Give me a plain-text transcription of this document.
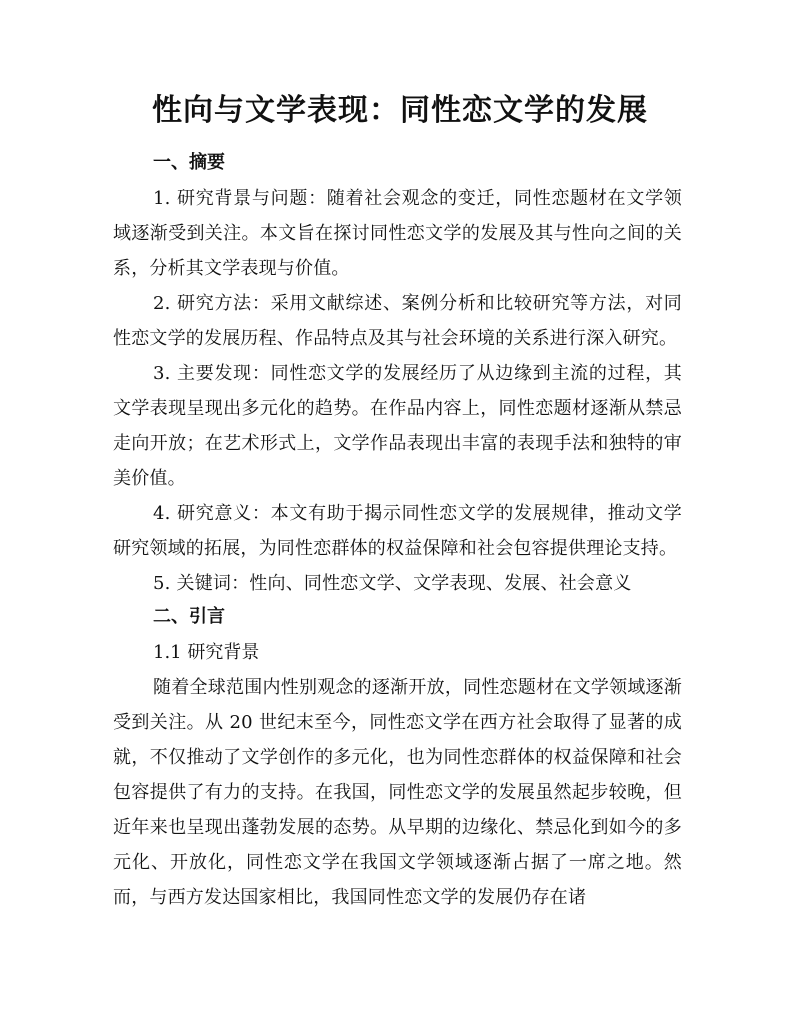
性向与文学表现：同性恋文学的发展
一、摘要

1. 研究背景与问题：随着社会观念的变迁，同性恋题材在文学领域逐渐受到关注。本文旨在探讨同性恋文学的发展及其与性向之间的关系，分析其文学表现与价值。

2. 研究方法：采用文献综述、案例分析和比较研究等方法，对同性恋文学的发展历程、作品特点及其与社会环境的关系进行深入研究。

3. 主要发现：同性恋文学的发展经历了从边缘到主流的过程，其文学表现呈现出多元化的趋势。在作品内容上，同性恋题材逐渐从禁忌走向开放；在艺术形式上，文学作品表现出丰富的表现手法和独特的审美价值。

4. 研究意义：本文有助于揭示同性恋文学的发展规律，推动文学研究领域的拓展，为同性恋群体的权益保障和社会包容提供理论支持。

5. 关键词：性向、同性恋文学、文学表现、发展、社会意义

二、引言

1.1 研究背景

随着全球范围内性别观念的逐渐开放，同性恋题材在文学领域逐渐受到关注。从 20 世纪末至今，同性恋文学在西方社会取得了显著的成就，不仅推动了文学创作的多元化，也为同性恋群体的权益保障和社会包容提供了有力的支持。在我国，同性恋文学的发展虽然起步较晚，但近年来也呈现出蓬勃发展的态势。从早期的边缘化、禁忌化到如今的多元化、开放化，同性恋文学在我国文学领域逐渐占据了一席之地。然而，与西方发达国家相比，我国同性恋文学的发展仍存在诸
